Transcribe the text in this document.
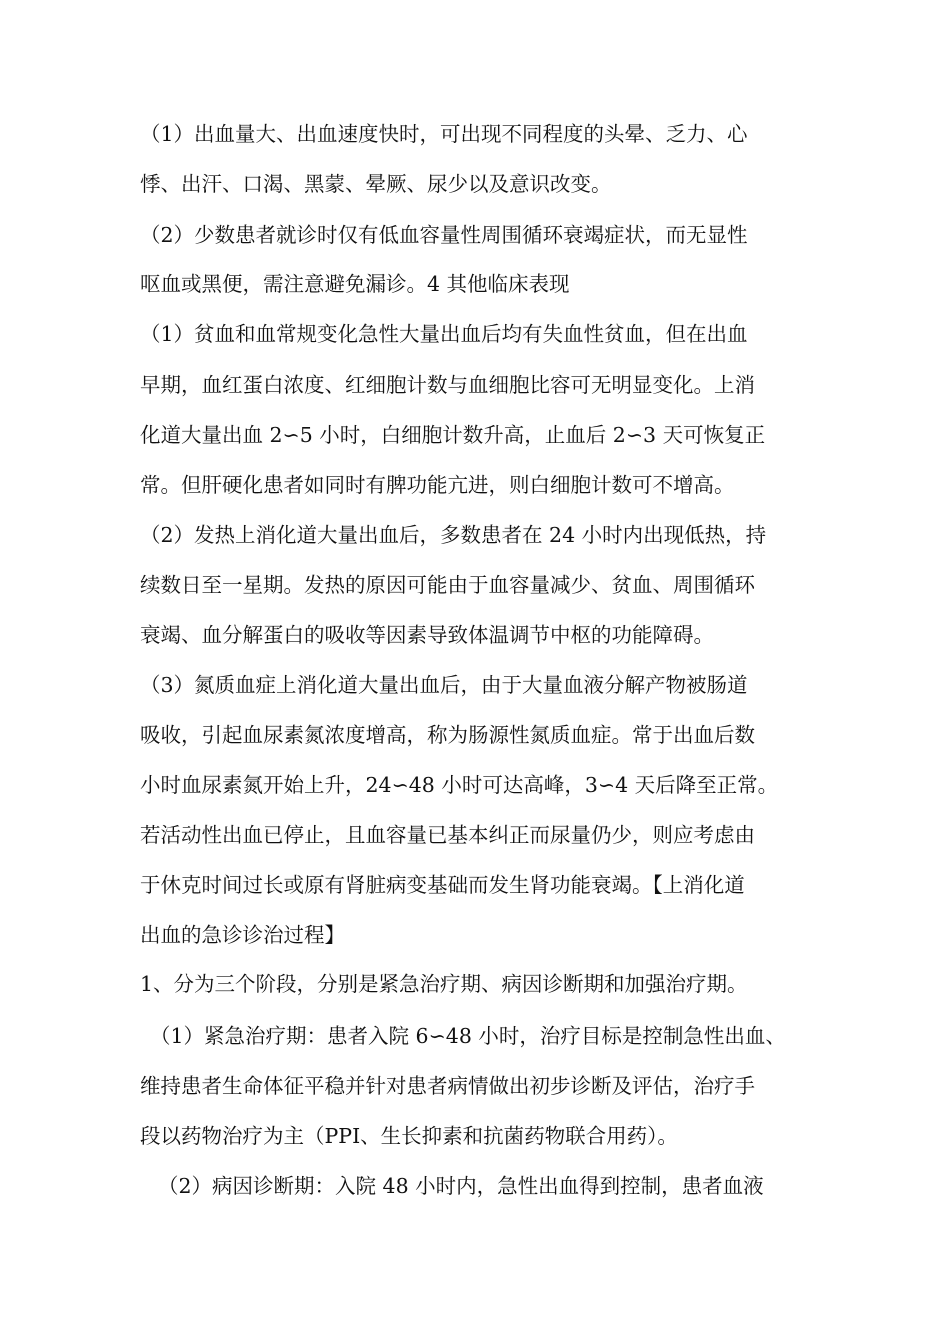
（1）出血量大、出血速度快时，可出现不同程度的头晕、乏力、心
悸、出汗、口渴、黑蒙、晕厥、尿少以及意识改变。
（2）少数患者就诊时仅有低血容量性周围循环衰竭症状，而无显性
呕血或黑便，需注意避免漏诊。4 其他临床表现
（1）贫血和血常规变化急性大量出血后均有失血性贫血，但在出血
早期，血红蛋白浓度、红细胞计数与血细胞比容可无明显变化。上消
化道大量出血 2∽5 小时，白细胞计数升高，止血后 2∽3 天可恢复正
常。但肝硬化患者如同时有脾功能亢进，则白细胞计数可不增高。
（2）发热上消化道大量出血后，多数患者在 24 小时内出现低热，持
续数日至一星期。发热的原因可能由于血容量减少、贫血、周围循环
衰竭、血分解蛋白的吸收等因素导致体温调节中枢的功能障碍。
（3）氮质血症上消化道大量出血后，由于大量血液分解产物被肠道
吸收，引起血尿素氮浓度增高，称为肠源性氮质血症。常于出血后数
小时血尿素氮开始上升，24∽48 小时可达高峰，3∽4 天后降至正常。
若活动性出血已停止，且血容量已基本纠正而尿量仍少，则应考虑由
于休克时间过长或原有肾脏病变基础而发生肾功能衰竭。【上消化道
出血的急诊诊治过程】
1、分为三个阶段，分别是紧急治疗期、病因诊断期和加强治疗期。
（1）紧急治疗期：患者入院 6∽48 小时，治疗目标是控制急性出血、
维持患者生命体征平稳并针对患者病情做出初步诊断及评估，治疗手
段以药物治疗为主（PPI、生长抑素和抗菌药物联合用药）。
（2）病因诊断期：入院 48 小时内，急性出血得到控制，患者血液
